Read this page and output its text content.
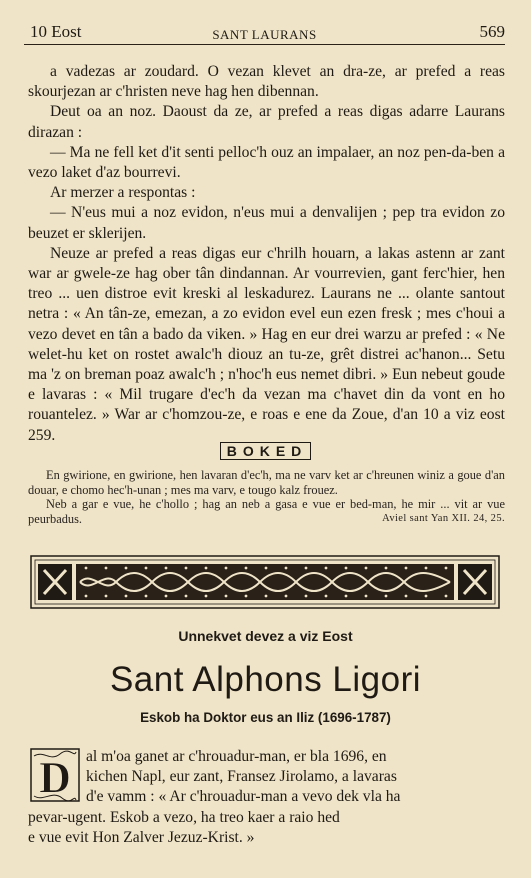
10 Eost	SANT LAURANS	569

a vadezas ar zoudard. O vezan klevet an dra-ze, ar prefed a reas skourjezan ar c'hristen neve hag hen dibennan.

Deut oa an noz. Daoust da ze, ar prefed a reas digas adarre Laurans dirazan :

— Ma ne fell ket d'it senti pelloc'h ouz an impalaer, an noz pen-da-ben a vezo laket d'az bourrevi.

Ar merzer a respontas :

— N'eus mui a noz evidon, n'eus mui a denvalijen ; pep tra evidon zo beuzet er sklerijen.

Neuze ar prefed a reas digas eur c'hrilh houarn, a lakas astenn ar zant war ar gwele-ze hag ober tân dindannan. Ar vourrevien, gant ferc'hier, hen treo ... uen distroe evit kreski al leskadurez. Laurans ne ... olante santout netra : « An tân-ze, emezan, a zo evidon evel eun ezen fresk ; mes c'houi a vezo devet en tân a bado da viken. » Hag en eur drei warzu ar prefed : « Ne welet-hu ket on rostet awalc'h diouz an tu-ze, grêt distrei ac'hanon... Setu ma 'z on breman poaz awalc'h ; n'hoc'h eus nemet dibri. » Eun nebeut goude e lavaras : « Mil trugare d'ec'h da vezan ma c'havet din da vont en ho rouantelez. » War ar c'homzou-ze, e roas e ene da Zoue, d'an 10 a viz eost 259.

BOKED

En gwirione, en gwirione, hen lavaran d'ec'h, ma ne varv ket ar c'hreunen winiz a goue d'an douar, e chomo hec'h-unan ; mes ma varv, e tougo kalz frouez.

Neb a gar e vue, he c'hollo ; hag an neb a gasa e vue er bed-man, he mir ... vit ar vue peurbadus.	Aviel sant Yan XII. 24, 25.

Unnekvet devez a viz Eost
Sant Alphons Ligori
Eskob ha Doktor eus an Iliz (1696-1787)
D al m'oa ganet ar c'hrouadur-man, er bla 1696, en
kichen Napl, eur zant, Fransez Jirolamo, a lavaras
d'e vamm : « Ar c'hrouadur-man a vevo dek vla ha
pevar-ugent. Eskob a vezo, ha treo kaer a raio hed
e vue evit Hon Zalver Jezuz-Krist. »
